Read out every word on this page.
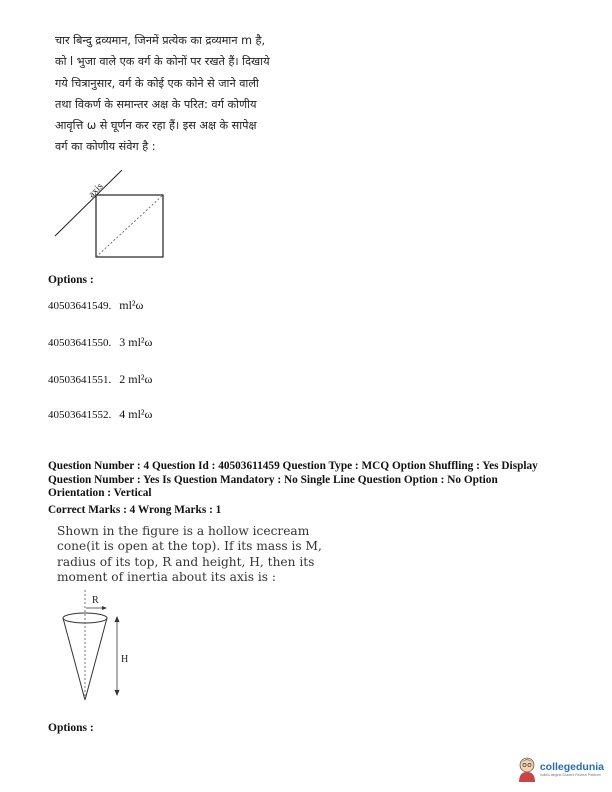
चार बिन्दु द्रव्यमान, जिनमें प्रत्येक का द्रव्यमान m है,
को l भुजा वाले एक वर्ग के कोनों पर रखते हैं। दिखाये
गये चित्रानुसार, वर्ग के कोई एक कोने से जाने वाली
तथा विकर्ण के समान्तर अक्ष के परित: वर्ग कोणीय
आवृत्ति ω से घूर्णन कर रहा हैं। इस अक्ष के सापेक्ष
वर्ग का कोणीय संवेग है :
axis
Options :
40503641549. ml²ω
40503641550. 3 ml²ω
40503641551. 2 ml²ω
40503641552. 4 ml²ω
Question Number : 4 Question Id : 40503611459 Question Type : MCQ Option Shuffling : Yes Display
Question Number : Yes Is Question Mandatory : No Single Line Question Option : No Option
Orientation : Vertical
Correct Marks : 4 Wrong Marks : 1
Shown in the figure is a hollow icecream
cone(it is open at the top). If its mass is M,
radius of its top, R and height, H, then its
moment of inertia about its axis is :
R
H
Options :
collegedunia
India's largest Student Review Platform
